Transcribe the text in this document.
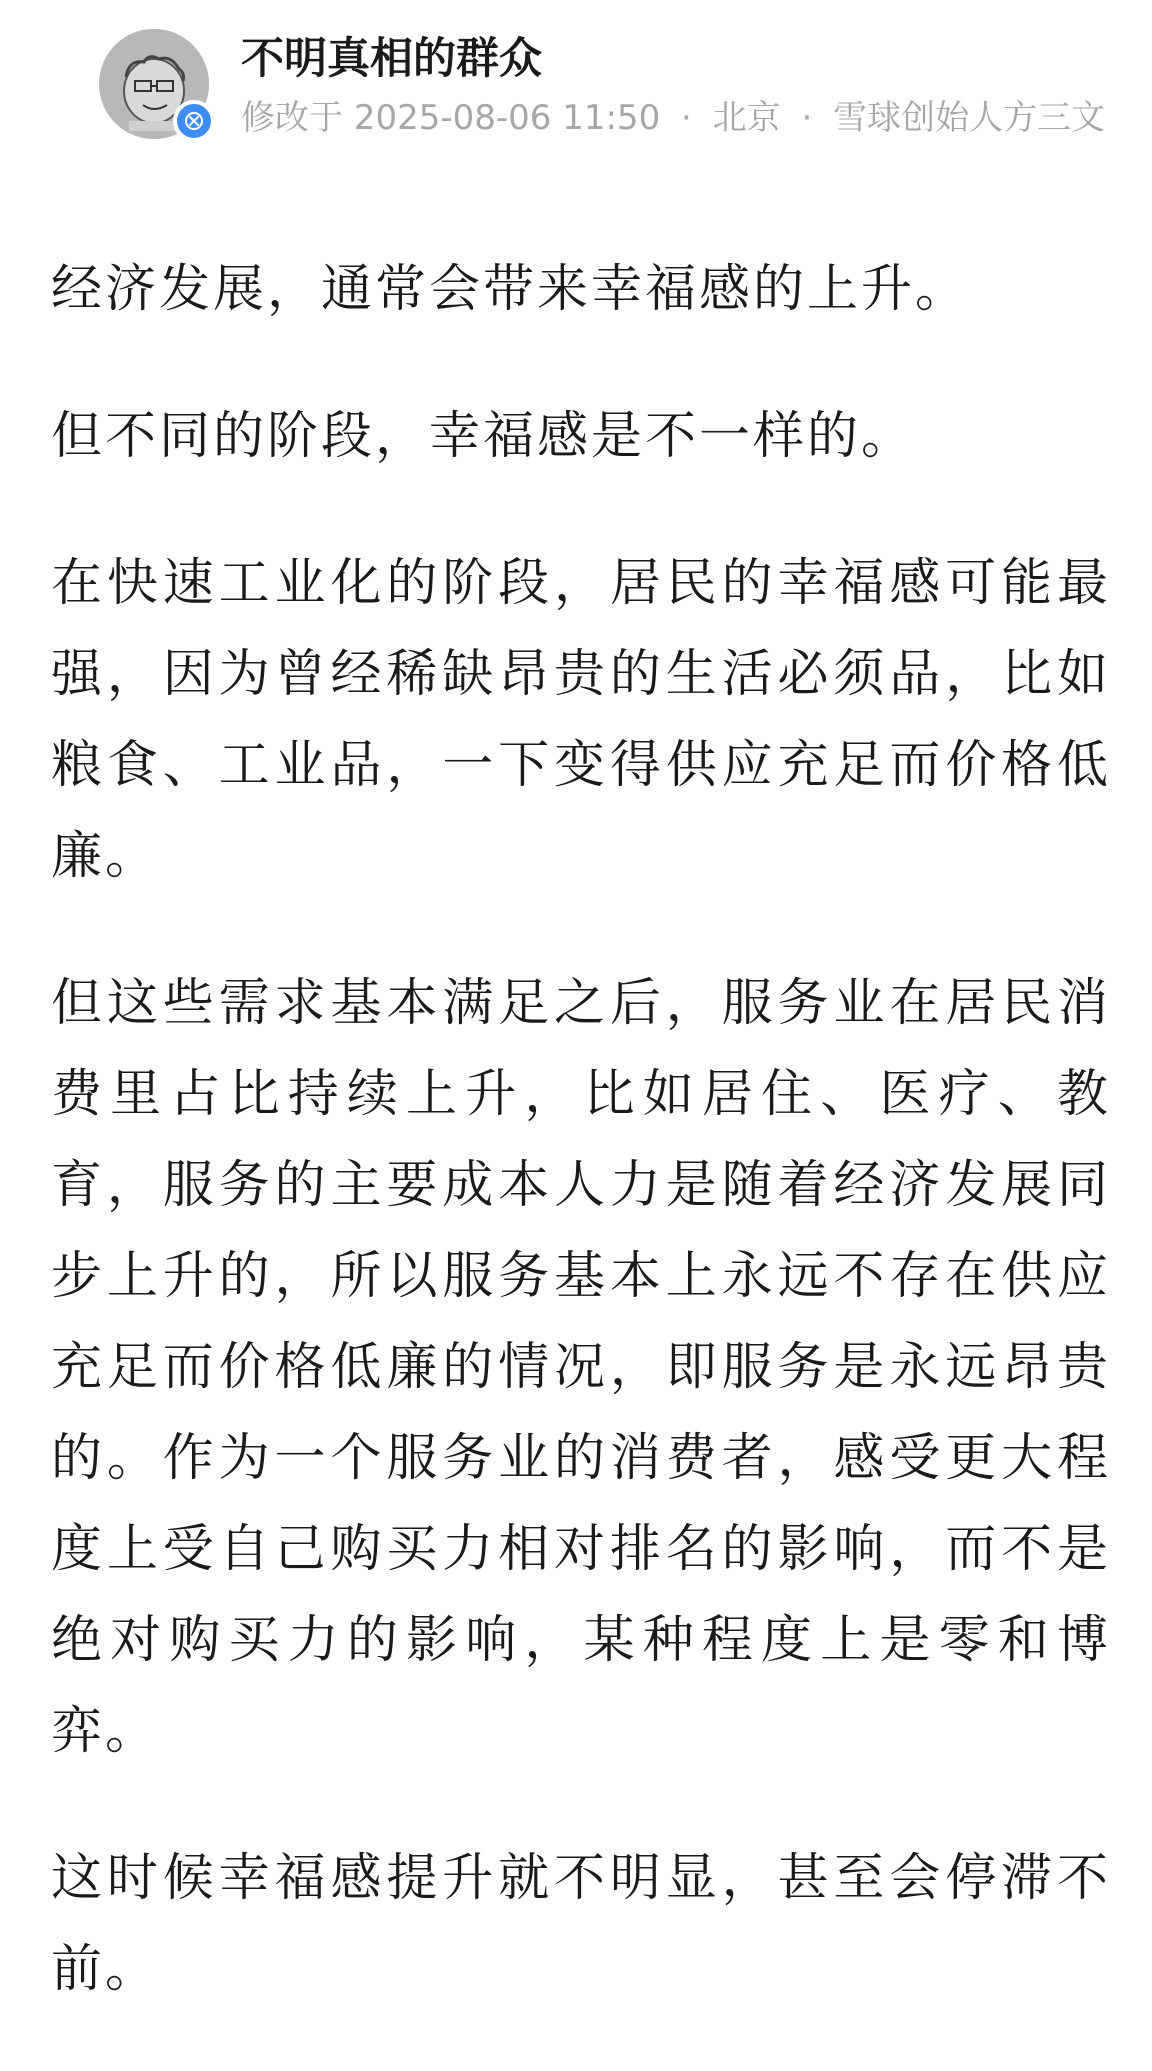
不明真相的群众
修改于 2025-08-06 11:50 · 北京 · 雪球创始人方三文

经济发展，通常会带来幸福感的上升。

但不同的阶段，幸福感是不一样的。

在快速工业化的阶段，居民的幸福感可能最强，因为曾经稀缺昂贵的生活必须品，比如粮食、工业品，一下变得供应充足而价格低廉。

但这些需求基本满足之后，服务业在居民消费里占比持续上升，比如居住、医疗、教育，服务的主要成本人力是随着经济发展同步上升的，所以服务基本上永远不存在供应充足而价格低廉的情况，即服务是永远昂贵的。作为一个服务业的消费者，感受更大程度上受自己购买力相对排名的影响，而不是绝对购买力的影响，某种程度上是零和博弈。

这时候幸福感提升就不明显，甚至会停滞不前。
